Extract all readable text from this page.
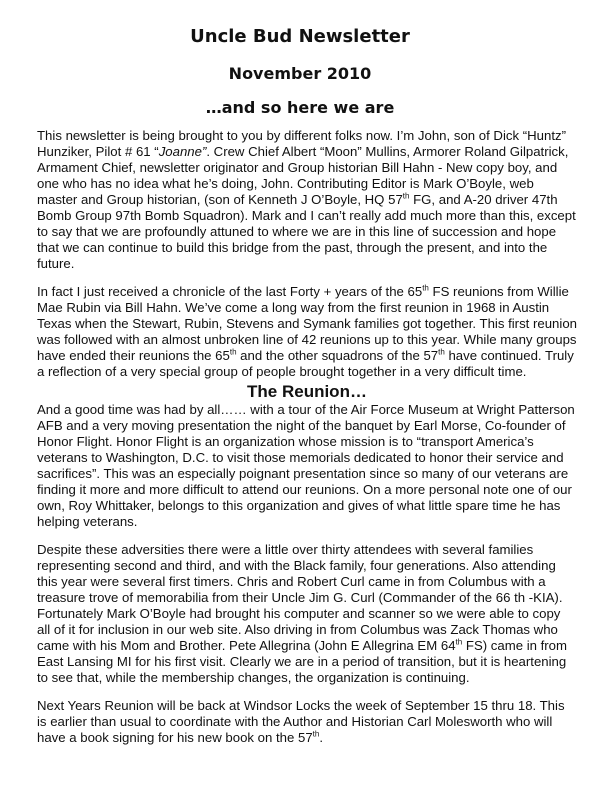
Uncle Bud Newsletter
November 2010
…and so here we are

This newsletter is being brought to you by different folks now. I’m John, son of Dick “Huntz” Hunziker, Pilot # 61 “Joanne”. Crew Chief Albert “Moon” Mullins, Armorer Roland Gilpatrick, Armament Chief, newsletter originator and Group historian Bill Hahn - New copy boy, and one who has no idea what he’s doing, John. Contributing Editor is Mark O’Boyle, web master and Group historian, (son of Kenneth J O’Boyle, HQ 57th FG, and A-20 driver 47th Bomb Group 97th Bomb Squadron). Mark and I can’t really add much more than this, except to say that we are profoundly attuned to where we are in this line of succession and hope that we can continue to build this bridge from the past, through the present, and into the future.

In fact I just received a chronicle of the last Forty + years of the 65th FS reunions from Willie Mae Rubin via Bill Hahn. We’ve come a long way from the first reunion in 1968 in Austin Texas when the Stewart, Rubin, Stevens and Symank families got together. This first reunion was followed with an almost unbroken line of 42 reunions up to this year. While many groups have ended their reunions the 65th and the other squadrons of the 57th have continued. Truly a reflection of a very special group of people brought together in a very difficult time.

The Reunion…

And a good time was had by all…… with a tour of the Air Force Museum at Wright Patterson AFB and a very moving presentation the night of the banquet by Earl Morse, Co-founder of Honor Flight. Honor Flight is an organization whose mission is to “transport America’s veterans to Washington, D.C. to visit those memorials dedicated to honor their service and sacrifices”. This was an especially poignant presentation since so many of our veterans are finding it more and more difficult to attend our reunions. On a more personal note one of our own, Roy Whittaker, belongs to this organization and gives of what little spare time he has helping veterans.

Despite these adversities there were a little over thirty attendees with several families representing second and third, and with the Black family, four generations. Also attending this year were several first timers. Chris and Robert Curl came in from Columbus with a treasure trove of memorabilia from their Uncle Jim G. Curl (Commander of the 66 th -KIA). Fortunately Mark O’Boyle had brought his computer and scanner so we were able to copy all of it for inclusion in our web site. Also driving in from Columbus was Zack Thomas who came with his Mom and Brother. Pete Allegrina (John E Allegrina EM 64th FS) came in from East Lansing MI for his first visit. Clearly we are in a period of transition, but it is heartening to see that, while the membership changes, the organization is continuing.

Next Years Reunion will be back at Windsor Locks the week of September 15 thru 18. This is earlier than usual to coordinate with the Author and Historian Carl Molesworth who will have a book signing for his new book on the 57th.
